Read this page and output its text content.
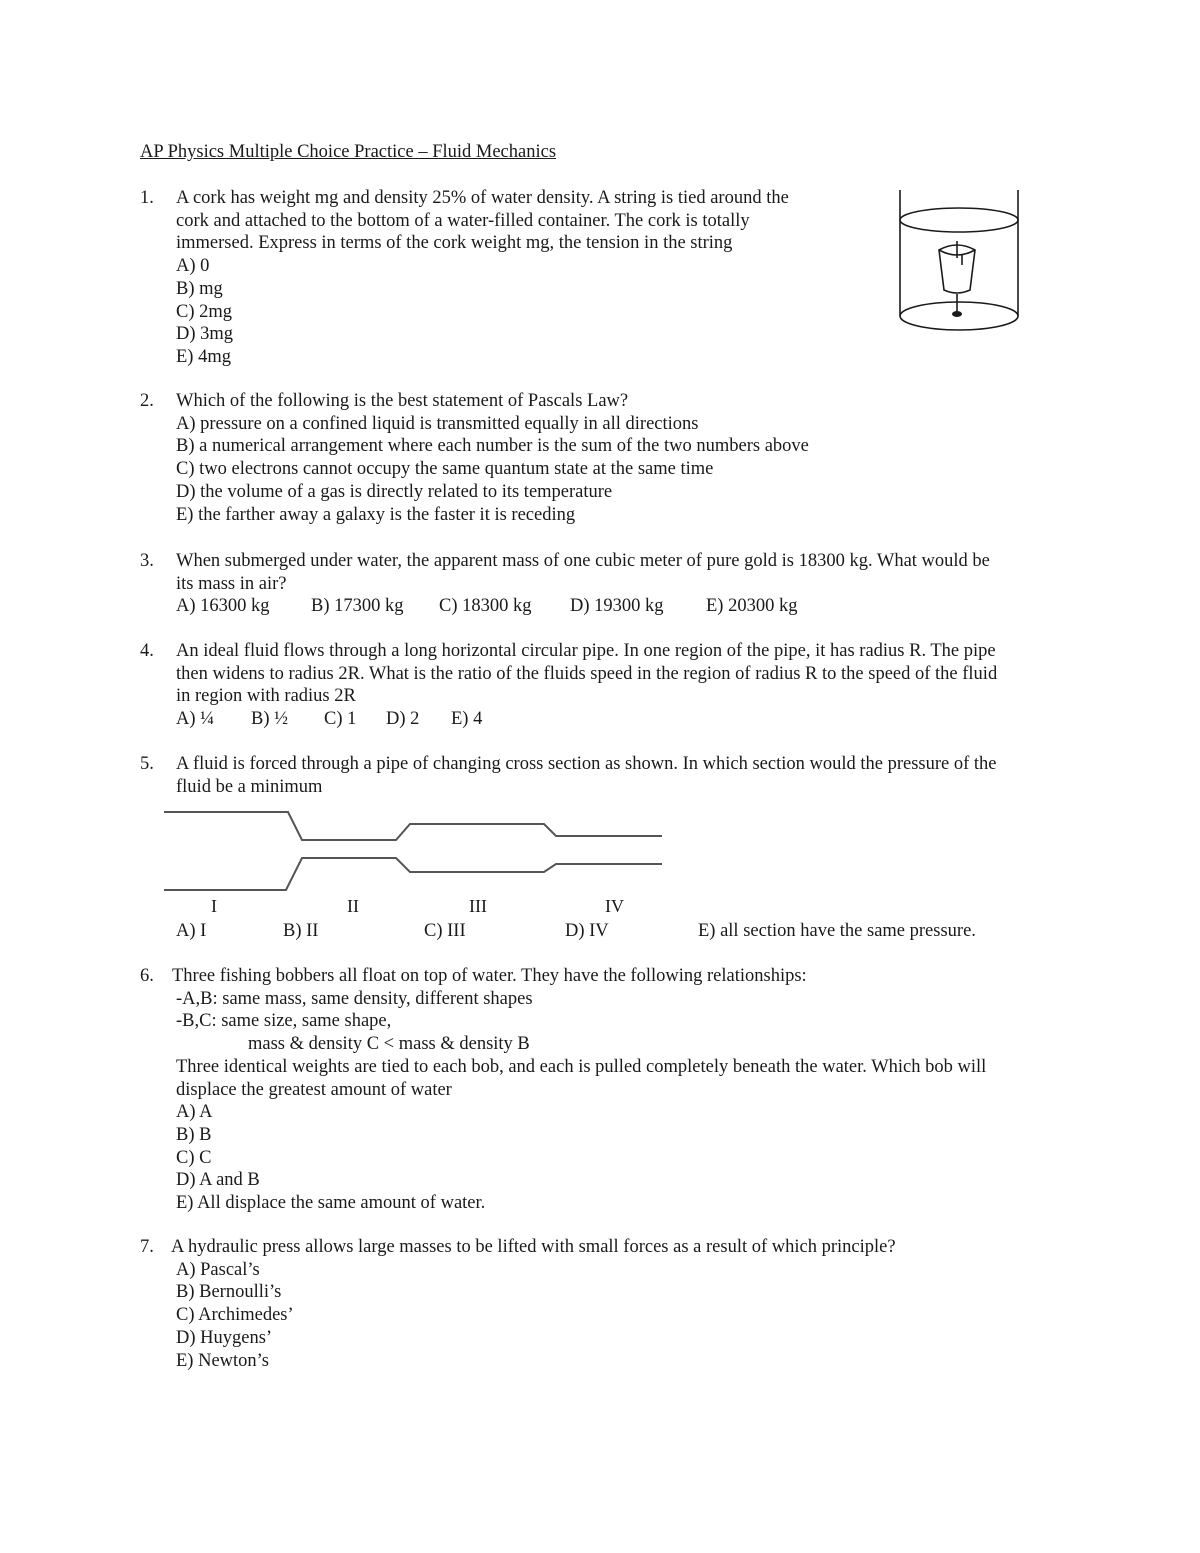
AP Physics Multiple Choice Practice – Fluid Mechanics
1. A cork has weight mg and density 25% of water density. A string is tied around the
cork and attached to the bottom of a water-filled container. The cork is totally
immersed. Express in terms of the cork weight mg, the tension in the string
A) 0
B) mg
C) 2mg
D) 3mg
E) 4mg
2. Which of the following is the best statement of Pascals Law?
A) pressure on a confined liquid is transmitted equally in all directions
B) a numerical arrangement where each number is the sum of the two numbers above
C) two electrons cannot occupy the same quantum state at the same time
D) the volume of a gas is directly related to its temperature
E) the farther away a galaxy is the faster it is receding
3. When submerged under water, the apparent mass of one cubic meter of pure gold is 18300 kg. What would be
its mass in air?
A) 16300 kg	B) 17300 kg	C) 18300 kg	D) 19300 kg	E) 20300 kg
4. An ideal fluid flows through a long horizontal circular pipe. In one region of the pipe, it has radius R. The pipe
then widens to radius 2R. What is the ratio of the fluids speed in the region of radius R to the speed of the fluid
in region with radius 2R
A) ¼	B) ½	C) 1	D) 2	E) 4
5. A fluid is forced through a pipe of changing cross section as shown. In which section would the pressure of the
fluid be a minimum
I	II	III	IV
A) I	B) II	C) III	D) IV	E) all section have the same pressure.
6. Three fishing bobbers all float on top of water. They have the following relationships:
-A,B: same mass, same density, different shapes
-B,C: same size, same shape,
mass & density C < mass & density B
Three identical weights are tied to each bob, and each is pulled completely beneath the water. Which bob will
displace the greatest amount of water
A) A
B) B
C) C
D) A and B
E) All displace the same amount of water.
7. A hydraulic press allows large masses to be lifted with small forces as a result of which principle?
A) Pascal’s
B) Bernoulli’s
C) Archimedes’
D) Huygens’
E) Newton’s
